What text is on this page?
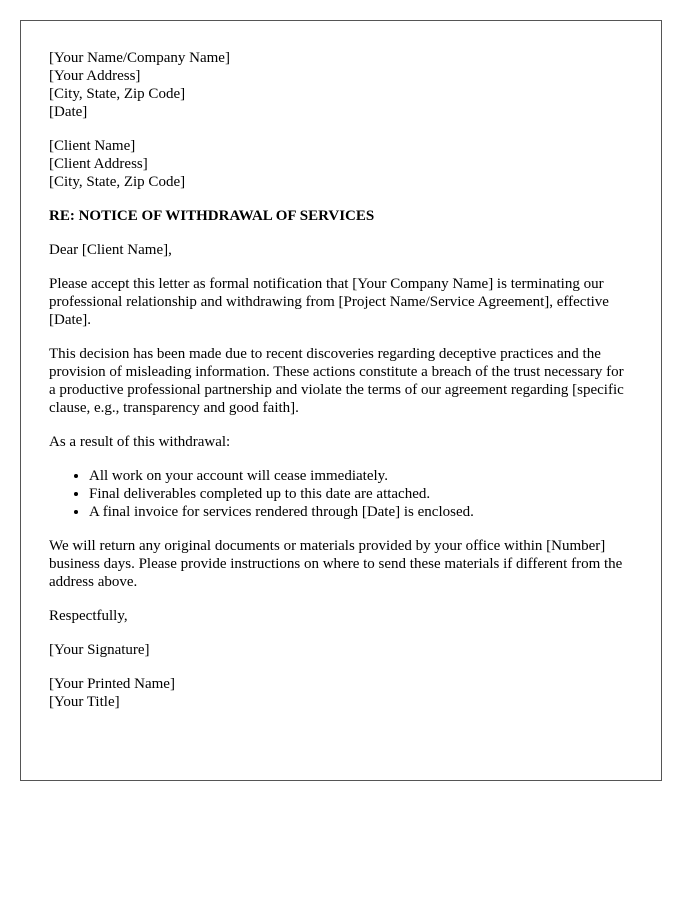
[Your Name/Company Name]
[Your Address]
[City, State, Zip Code]
[Date]
[Client Name]
[Client Address]
[City, State, Zip Code]
RE: NOTICE OF WITHDRAWAL OF SERVICES

Dear [Client Name],

Please accept this letter as formal notification that [Your Company Name] is terminating our professional relationship and withdrawing from [Project Name/Service Agreement], effective [Date].

This decision has been made due to recent discoveries regarding deceptive practices and the provision of misleading information. These actions constitute a breach of the trust necessary for a productive professional partnership and violate the terms of our agreement regarding [specific clause, e.g., transparency and good faith].

As a result of this withdrawal:

• All work on your account will cease immediately.
• Final deliverables completed up to this date are attached.
• A final invoice for services rendered through [Date] is enclosed.

We will return any original documents or materials provided by your office within [Number] business days. Please provide instructions on where to send these materials if different from the address above.

Respectfully,

[Your Signature]

[Your Printed Name]
[Your Title]
